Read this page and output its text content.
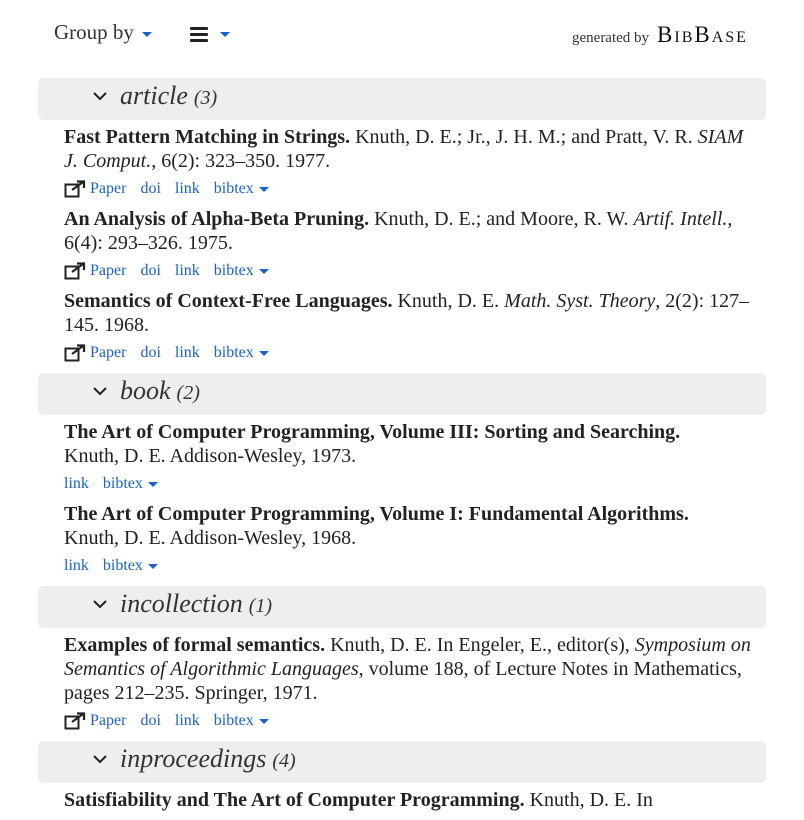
Group by	generated by BibBase
article (3)
Fast Pattern Matching in Strings. Knuth, D. E.; Jr., J. H. M.; and Pratt, V. R. SIAM J. Comput., 6(2): 323–350. 1977.
Paper doi link bibtex
An Analysis of Alpha-Beta Pruning. Knuth, D. E.; and Moore, R. W. Artif. Intell., 6(4): 293–326. 1975.
Paper doi link bibtex
Semantics of Context-Free Languages. Knuth, D. E. Math. Syst. Theory, 2(2): 127–145. 1968.
Paper doi link bibtex
book (2)
The Art of Computer Programming, Volume III: Sorting and Searching.
Knuth, D. E. Addison-Wesley, 1973.
link bibtex
The Art of Computer Programming, Volume I: Fundamental Algorithms.
Knuth, D. E. Addison-Wesley, 1968.
link bibtex
incollection (1)
Examples of formal semantics. Knuth, D. E. In Engeler, E., editor(s), Symposium on Semantics of Algorithmic Languages, volume 188, of Lecture Notes in Mathematics, pages 212–235. Springer, 1971.
Paper doi link bibtex
inproceedings (4)
Satisfiability and The Art of Computer Programming. Knuth, D. E. In
